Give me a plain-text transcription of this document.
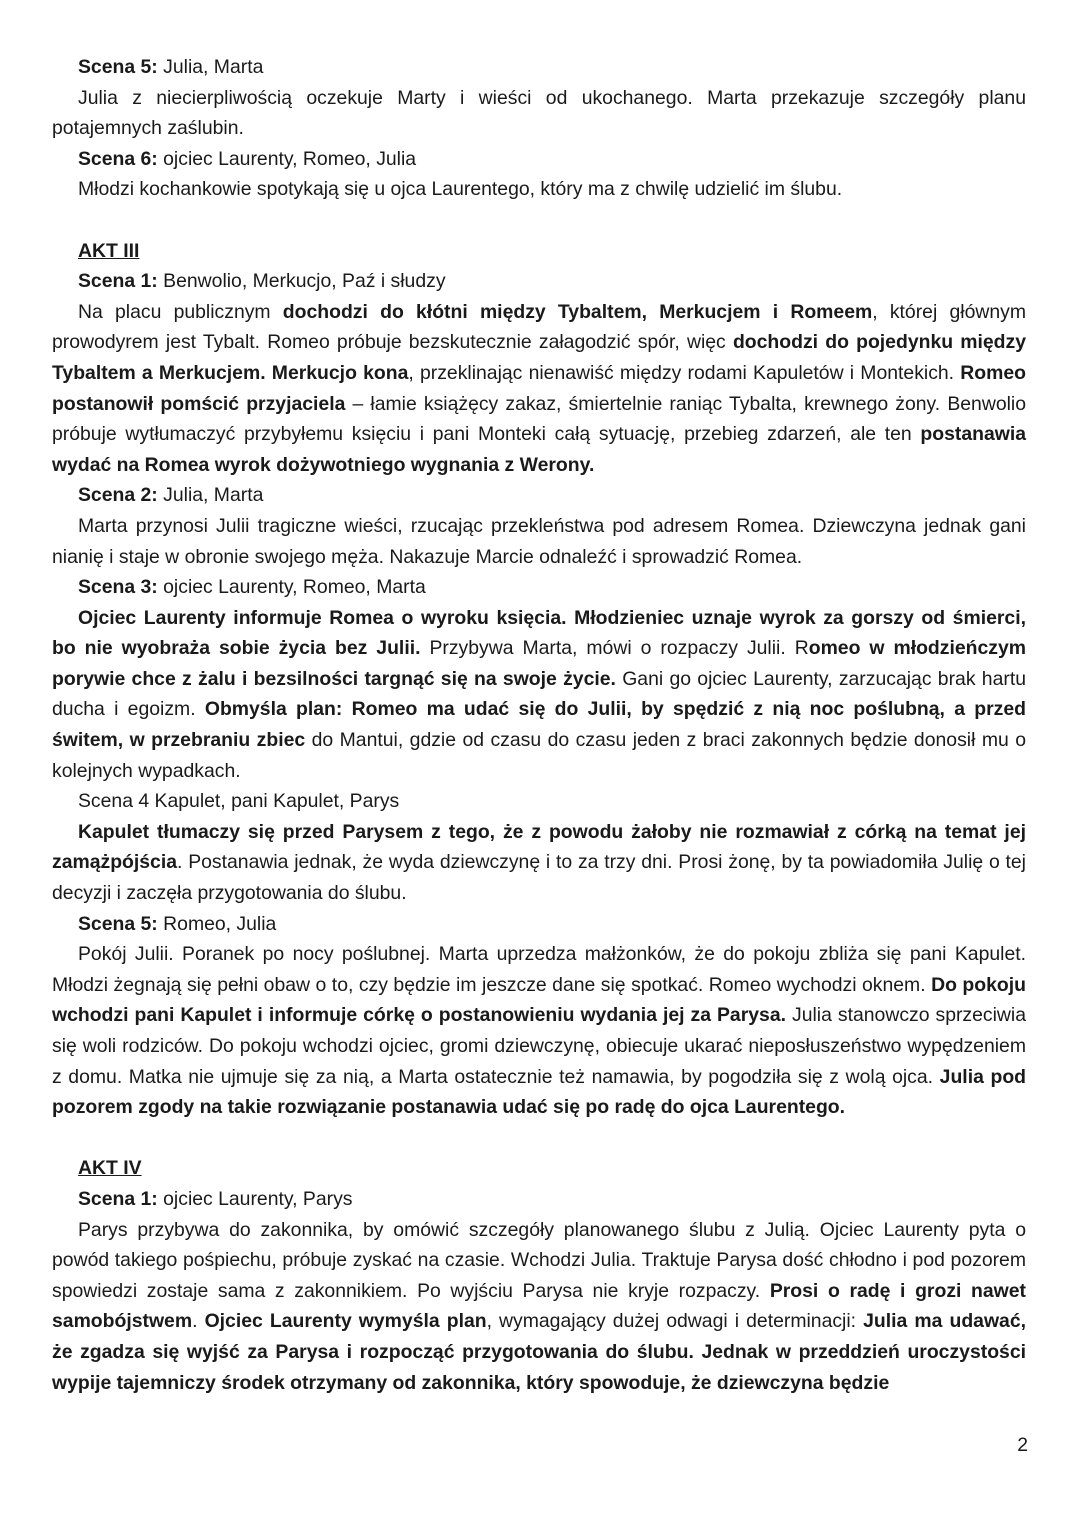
Scena 5: Julia, Marta

Julia z niecierpliwością oczekuje Marty i wieści od ukochanego. Marta przekazuje szczegóły planu potajemnych zaślubin.

Scena 6: ojciec Laurenty, Romeo, Julia

Młodzi kochankowie spotykają się u ojca Laurentego, który ma z chwilę udzielić im ślubu.

AKT III

Scena 1: Benwolio, Merkucjo, Paź i słudzy

Na placu publicznym dochodzi do kłótni między Tybaltem, Merkucjem i Romeem, której głównym prowodyrem jest Tybalt. Romeo próbuje bezskutecznie załagodzić spór, więc dochodzi do pojedynku między Tybaltem a Merkucjem. Merkucjo kona, przeklinając nienawiść między rodami Kapuletów i Montekich. Romeo postanowił pomścić przyjaciela – łamie książęcy zakaz, śmiertelnie raniąc Tybalta, krewnego żony. Benwolio próbuje wytłumaczyć przybyłemu księciu i pani Monteki całą sytuację, przebieg zdarzeń, ale ten postanawia wydać na Romea wyrok dożywotniego wygnania z Werony.

Scena 2: Julia, Marta

Marta przynosi Julii tragiczne wieści, rzucając przekleństwa pod adresem Romea. Dziewczyna jednak gani nianię i staje w obronie swojego męża. Nakazuje Marcie odnaleźć i sprowadzić Romea.

Scena 3: ojciec Laurenty, Romeo, Marta

Ojciec Laurenty informuje Romea o wyroku księcia. Młodzieniec uznaje wyrok za gorszy od śmierci, bo nie wyobraża sobie życia bez Julii. Przybywa Marta, mówi o rozpaczy Julii. Romeo w młodzieńczym porywie chce z żalu i bezsilności targnąć się na swoje życie. Gani go ojciec Laurenty, zarzucając brak hartu ducha i egoizm. Obmyśla plan: Romeo ma udać się do Julii, by spędzić z nią noc poślubną, a przed świtem, w przebraniu zbiec do Mantui, gdzie od czasu do czasu jeden z braci zakonnych będzie donosił mu o kolejnych wypadkach.

Scena 4 Kapulet, pani Kapulet, Parys

Kapulet tłumaczy się przed Parysem z tego, że z powodu żałoby nie rozmawiał z córką na temat jej zamążpójścia. Postanawia jednak, że wyda dziewczynę i to za trzy dni. Prosi żonę, by ta powiadomiła Julię o tej decyzji i zaczęła przygotowania do ślubu.

Scena 5: Romeo, Julia

Pokój Julii. Poranek po nocy poślubnej. Marta uprzedza małżonków, że do pokoju zbliża się pani Kapulet. Młodzi żegnają się pełni obaw o to, czy będzie im jeszcze dane się spotkać. Romeo wychodzi oknem. Do pokoju wchodzi pani Kapulet i informuje córkę o postanowieniu wydania jej za Parysa. Julia stanowczo sprzeciwia się woli rodziców. Do pokoju wchodzi ojciec, gromi dziewczynę, obiecuje ukarać nieposłuszeństwo wypędzeniem z domu. Matka nie ujmuje się za nią, a Marta ostatecznie też namawia, by pogodziła się z wolą ojca. Julia pod pozorem zgody na takie rozwiązanie postanawia udać się po radę do ojca Laurentego.

AKT IV

Scena 1: ojciec Laurenty, Parys

Parys przybywa do zakonnika, by omówić szczegóły planowanego ślubu z Julią. Ojciec Laurenty pyta o powód takiego pośpiechu, próbuje zyskać na czasie. Wchodzi Julia. Traktuje Parysa dość chłodno i pod pozorem spowiedzi zostaje sama z zakonnikiem. Po wyjściu Parysa nie kryje rozpaczy. Prosi o radę i grozi nawet samobójstwem. Ojciec Laurenty wymyśla plan, wymagający dużej odwagi i determinacji: Julia ma udawać, że zgadza się wyjść za Parysa i rozpocząć przygotowania do ślubu. Jednak w przeddzień uroczystości wypije tajemniczy środek otrzymany od zakonnika, który spowoduje, że dziewczyna będzie

2
